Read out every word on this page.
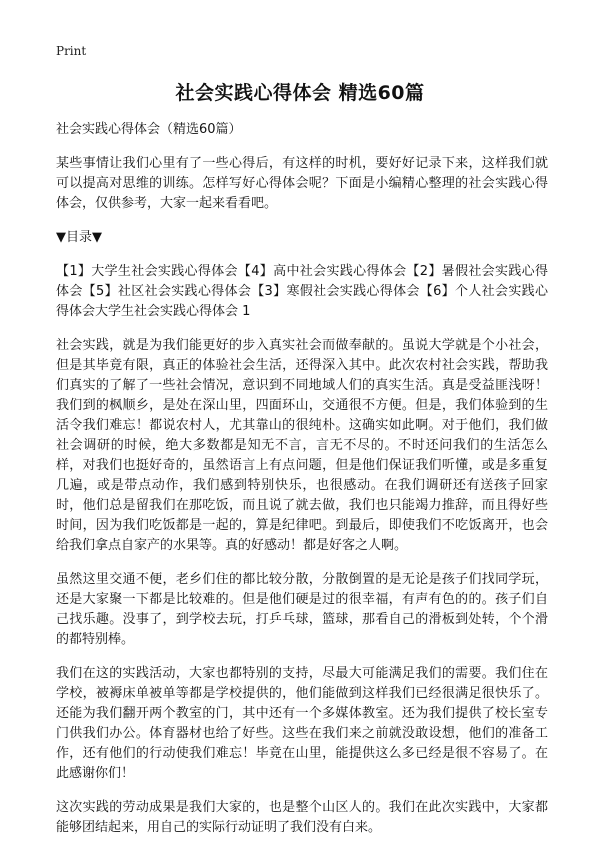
Print
社会实践心得体会 精选60篇

社会实践心得体会（精选60篇）

某些事情让我们心里有了一些心得后，有这样的时机，要好好记录下来，这样我们就可以提高对思维的训练。怎样写好心得体会呢？下面是小编精心整理的社会实践心得体会，仅供参考，大家一起来看看吧。

▼目录▼

【1】大学生社会实践心得体会【4】高中社会实践心得体会【2】暑假社会实践心得体会【5】社区社会实践心得体会【3】寒假社会实践心得体会【6】个人社会实践心得体会大学生社会实践心得体会 1

社会实践，就是为我们能更好的步入真实社会而做奉献的。虽说大学就是个小社会，但是其毕竟有限，真正的体验社会生活，还得深入其中。此次农村社会实践，帮助我们真实的了解了一些社会情况，意识到不同地域人们的真实生活。真是受益匪浅呀！我们到的枫顺乡，是处在深山里，四面环山，交通很不方便。但是，我们体验到的生活令我们难忘！都说农村人，尤其靠山的很纯朴。这确实如此啊。对于他们，我们做社会调研的时候，绝大多数都是知无不言，言无不尽的。不时还问我们的生活怎么样，对我们也挺好奇的，虽然语言上有点问题，但是他们保证我们听懂，或是多重复几遍，或是带点动作，我们感到特别快乐，也很感动。在我们调研还有送孩子回家时，他们总是留我们在那吃饭，而且说了就去做，我们也只能竭力推辞，而且得好些时间，因为我们吃饭都是一起的，算是纪律吧。到最后，即使我们不吃饭离开，也会给我们拿点自家产的水果等。真的好感动！都是好客之人啊。

虽然这里交通不便，老乡们住的都比较分散，分散倒置的是无论是孩子们找同学玩，还是大家聚一下都是比较难的。但是他们硬是过的很幸福，有声有色的的。孩子们自己找乐趣。没事了，到学校去玩，打乒乓球，篮球，那看自己的滑板到处转，个个滑的都特别棒。

我们在这的实践活动，大家也都特别的支持，尽最大可能满足我们的需要。我们住在学校，被褥床单被单等都是学校提供的，他们能做到这样我们已经很满足很快乐了。还能为我们翻开两个教室的门，其中还有一个多媒体教室。还为我们提供了校长室专门供我们办公。体育器材也给了好些。这些在我们来之前就没敢设想，他们的准备工作，还有他们的行动使我们难忘！毕竟在山里，能提供这么多已经是很不容易了。在此感谢你们！

这次实践的劳动成果是我们大家的，也是整个山区人的。我们在此次实践中，大家都能够团结起来，用自己的实际行动证明了我们没有白来。
